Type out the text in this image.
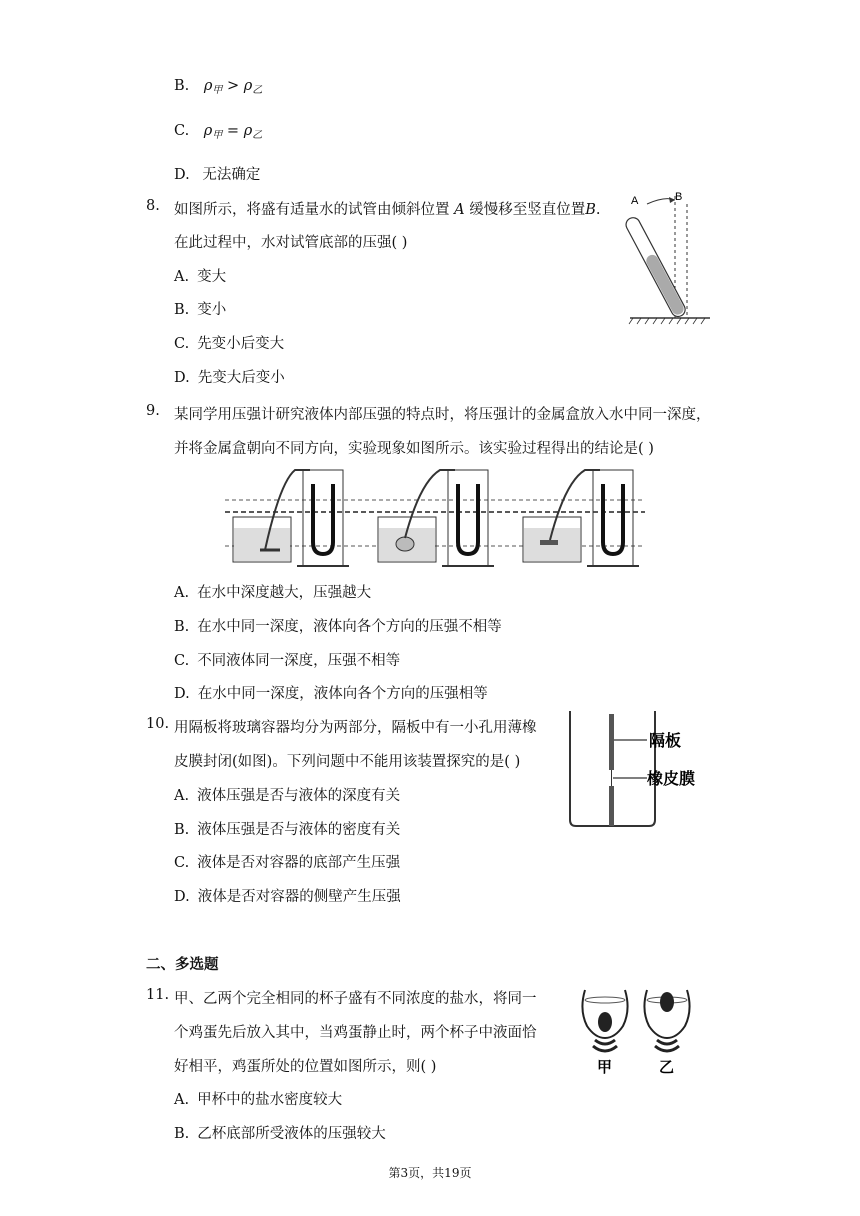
B. $\rho_甲 > \rho_乙$
C. $\rho_甲 = \rho_乙$
D. 无法确定
8. 如图所示，将盛有适量水的试管由倾斜位置 A 缓慢移至竖直位置B.
在此过程中，水对试管底部的压强( )
A. 变大
B. 变小
C. 先变小后变大
D. 先变大后变小
A	B
9. 某同学用压强计研究液体内部压强的特点时，将压强计的金属盒放入水中同一深度，
并将金属盒朝向不同方向，实验现象如图所示。该实验过程得出的结论是( )
A. 在水中深度越大，压强越大
B. 在水中同一深度，液体向各个方向的压强不相等
C. 不同液体同一深度，压强不相等
D. 在水中同一深度，液体向各个方向的压强相等
10. 用隔板将玻璃容器均分为两部分，隔板中有一小孔用薄橡
皮膜封闭(如图)。下列问题中不能用该装置探究的是( )
A. 液体压强是否与液体的深度有关
B. 液体压强是否与液体的密度有关
C. 液体是否对容器的底部产生压强
D. 液体是否对容器的侧壁产生压强
隔板
橡皮膜
二、多选题
11. 甲、乙两个完全相同的杯子盛有不同浓度的盐水，将同一
个鸡蛋先后放入其中，当鸡蛋静止时，两个杯子中液面恰
好相平，鸡蛋所处的位置如图所示，则( )
A. 甲杯中的盐水密度较大
B. 乙杯底部所受液体的压强较大
甲	乙
第3页，共19页
